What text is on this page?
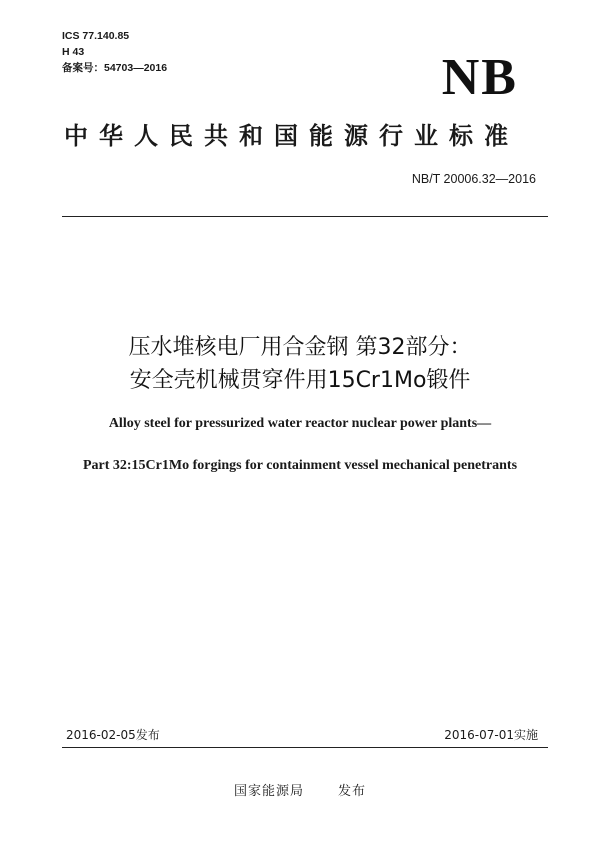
ICS 77.140.85
H 43
备案号：54703—2016	NB
中华人民共和国能源行业标准
NB/T 20006.32—2016
压水堆核电厂用合金钢 第32部分：
安全壳机械贯穿件用15Cr1Mo锻件
Alloy steel for pressurized water reactor nuclear power plants—
Part 32:15Cr1Mo forgings for containment vessel mechanical penetrants
2016-02-05发布	2016-07-01实施
国家能源局	发布
